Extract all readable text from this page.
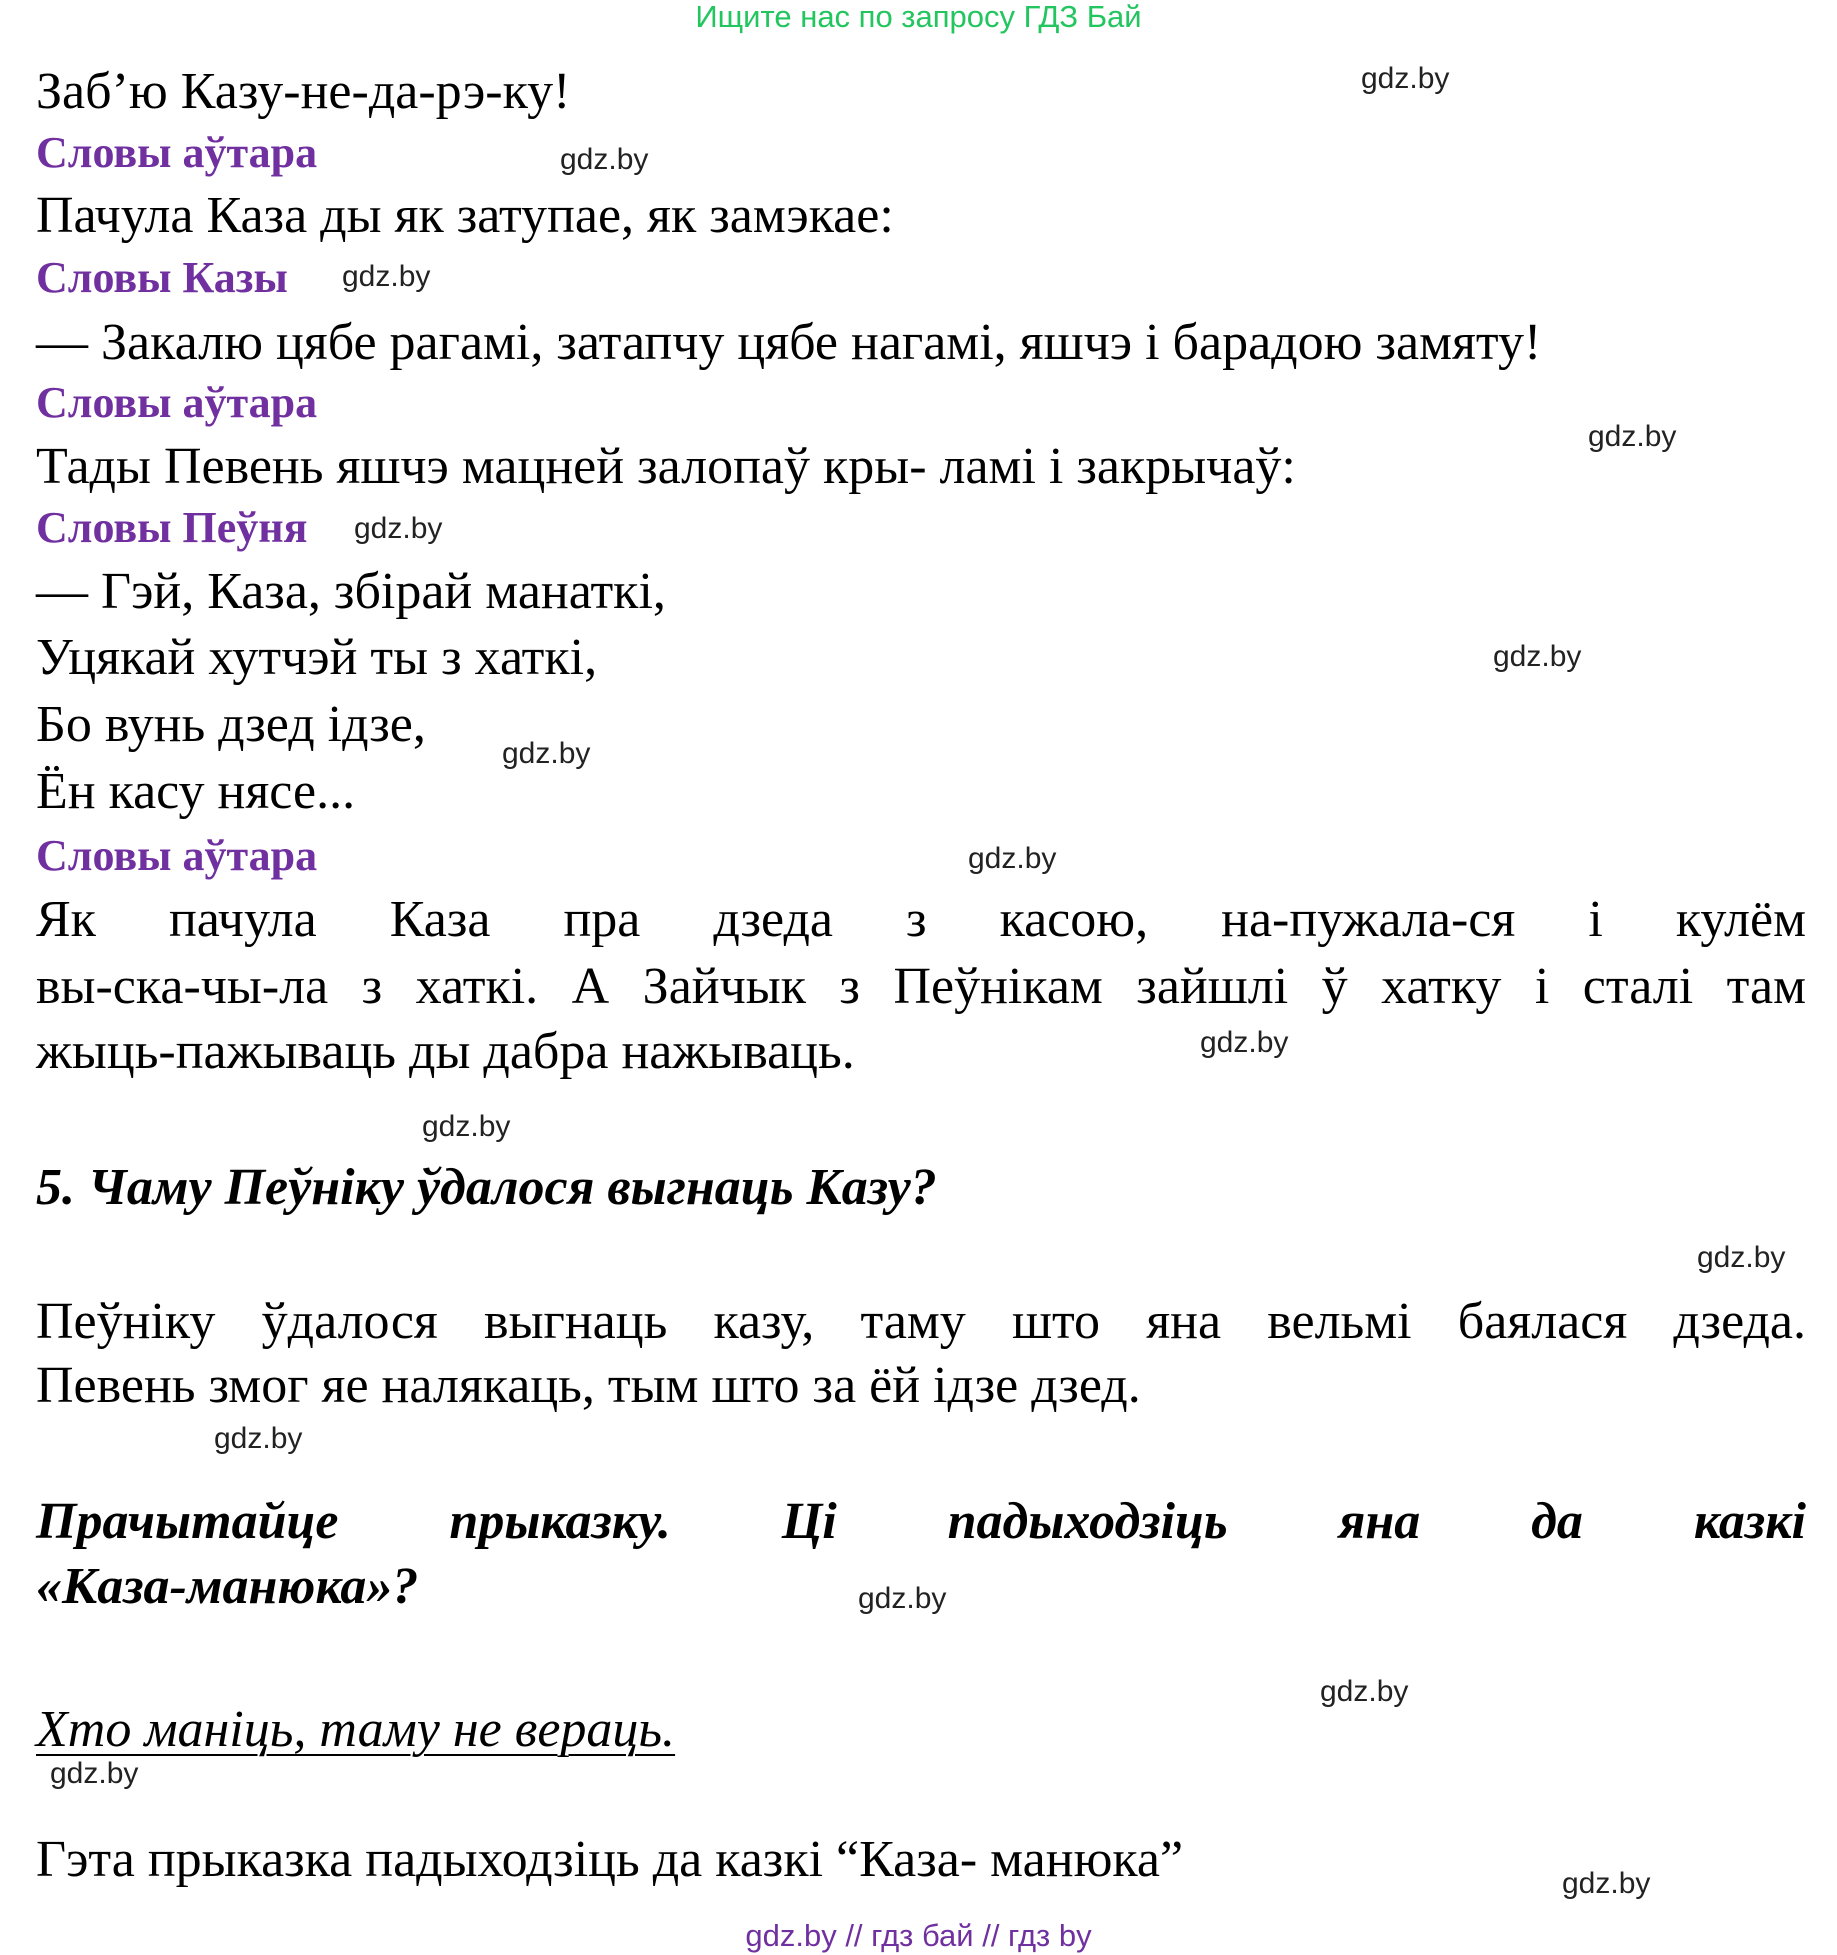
Ищите нас по запросу ГДЗ Бай
Заб’ю Казу-не-да-рэ-ку!
Словы аўтара
Пачула Каза ды як затупае, як замэкае:
Словы Казы
— Закалю цябе рагамі, затапчу цябе нагамі, яшчэ і барадою замяту!
Словы аўтара
Тады Певень яшчэ мацней залопаў кры- ламі і закрычаў:
Словы Пеўня
— Гэй, Каза, збірай манаткі,
Уцякай хутчэй ты з хаткі,
Бо вунь дзед ідзе,
Ён касу нясе...
Словы аўтара
Як пачула Каза пра дзеда з касою, на-пужала-ся і кулём
вы-ска-чы-ла з хаткі. А Зайчык з Пеўнікам зайшлі ў хатку і сталі там
жыць-пажываць ды дабра нажываць.
5. Чаму Пеўніку ўдалося выгнаць Казу?
Пеўніку ўдалося выгнаць казу, таму што яна вельмі баялася дзеда.
Певень змог яе налякаць, тым што за ёй ідзе дзед.
Прачытайце прыказку. Ці падыходзіць яна да казкі
«Каза-манюка»?
Хто маніць, таму не вераць.
Гэта прыказка падыходзіць да казкі “Каза- манюка”
gdz.by
gdz.by
gdz.by
gdz.by
gdz.by
gdz.by
gdz.by
gdz.by
gdz.by
gdz.by
gdz.by
gdz.by
gdz.by
gdz.by
gdz.by
gdz.by
gdz.by // гдз бай // гдз by
